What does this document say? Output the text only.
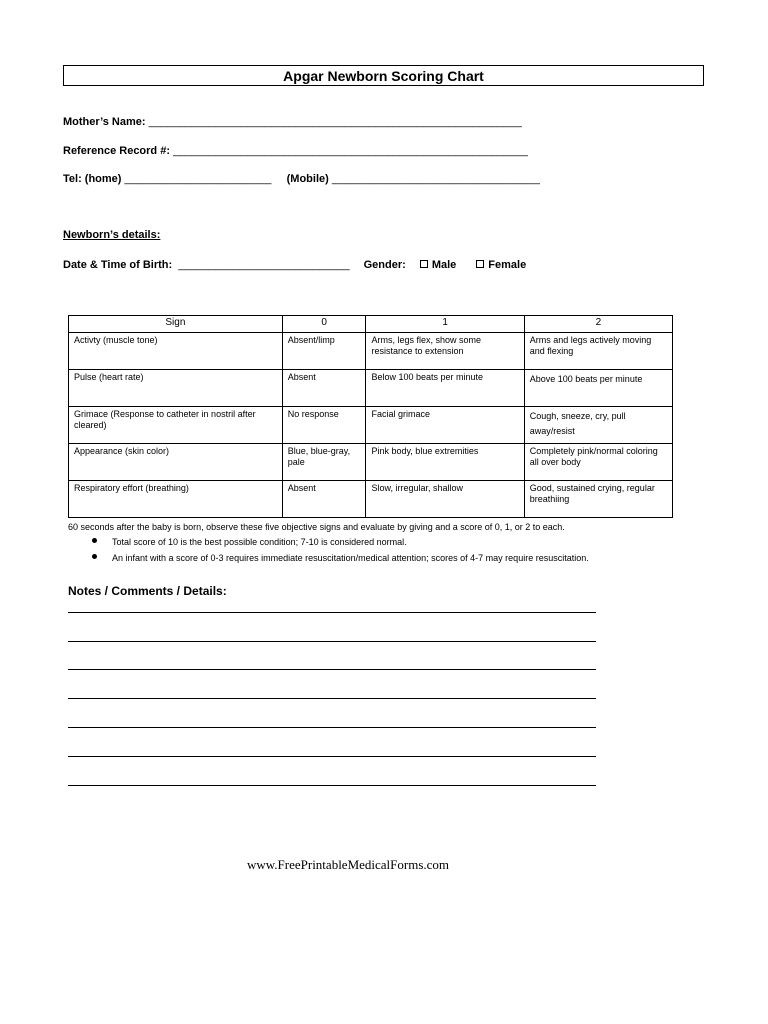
Apgar Newborn Scoring Chart
Mother’s Name: _____________________________________________________________
Reference Record #: __________________________________________________________
Tel: (home) ________________________ (Mobile) __________________________________
Newborn’s details:
Date & Time of Birth:
____________________________ Gender: Male	Female
Sign	0	1	2
Activty (muscle tone)	Absent/limp	Arms, legs flex, show some resistance to extension	Arms and legs actively moving and flexing
Pulse (heart rate)	Absent	Below 100 beats per minute	Above 100 beats per minute
Grimace (Response to catheter in nostril after cleared)	No response	Facial grimace	Cough, sneeze, cry, pull away/resist
Appearance (skin color)	Blue, blue-gray, pale	Pink body, blue extremities	Completely pink/normal coloring all over body
Respiratory effort (breathing)	Absent	Slow, irregular, shallow	Good, sustained crying, regular breathiing
60 seconds after the baby is born, observe these five objective signs and evaluate by giving and a score of 0, 1, or 2 to each.
Total score of 10 is the best possible condition; 7-10 is considered normal.
An infant with a score of 0-3 requires immediate resuscitation/medical attention; scores of 4-7 may require resuscitation.
Notes / Comments / Details:
www.FreePrintableMedicalForms.com
